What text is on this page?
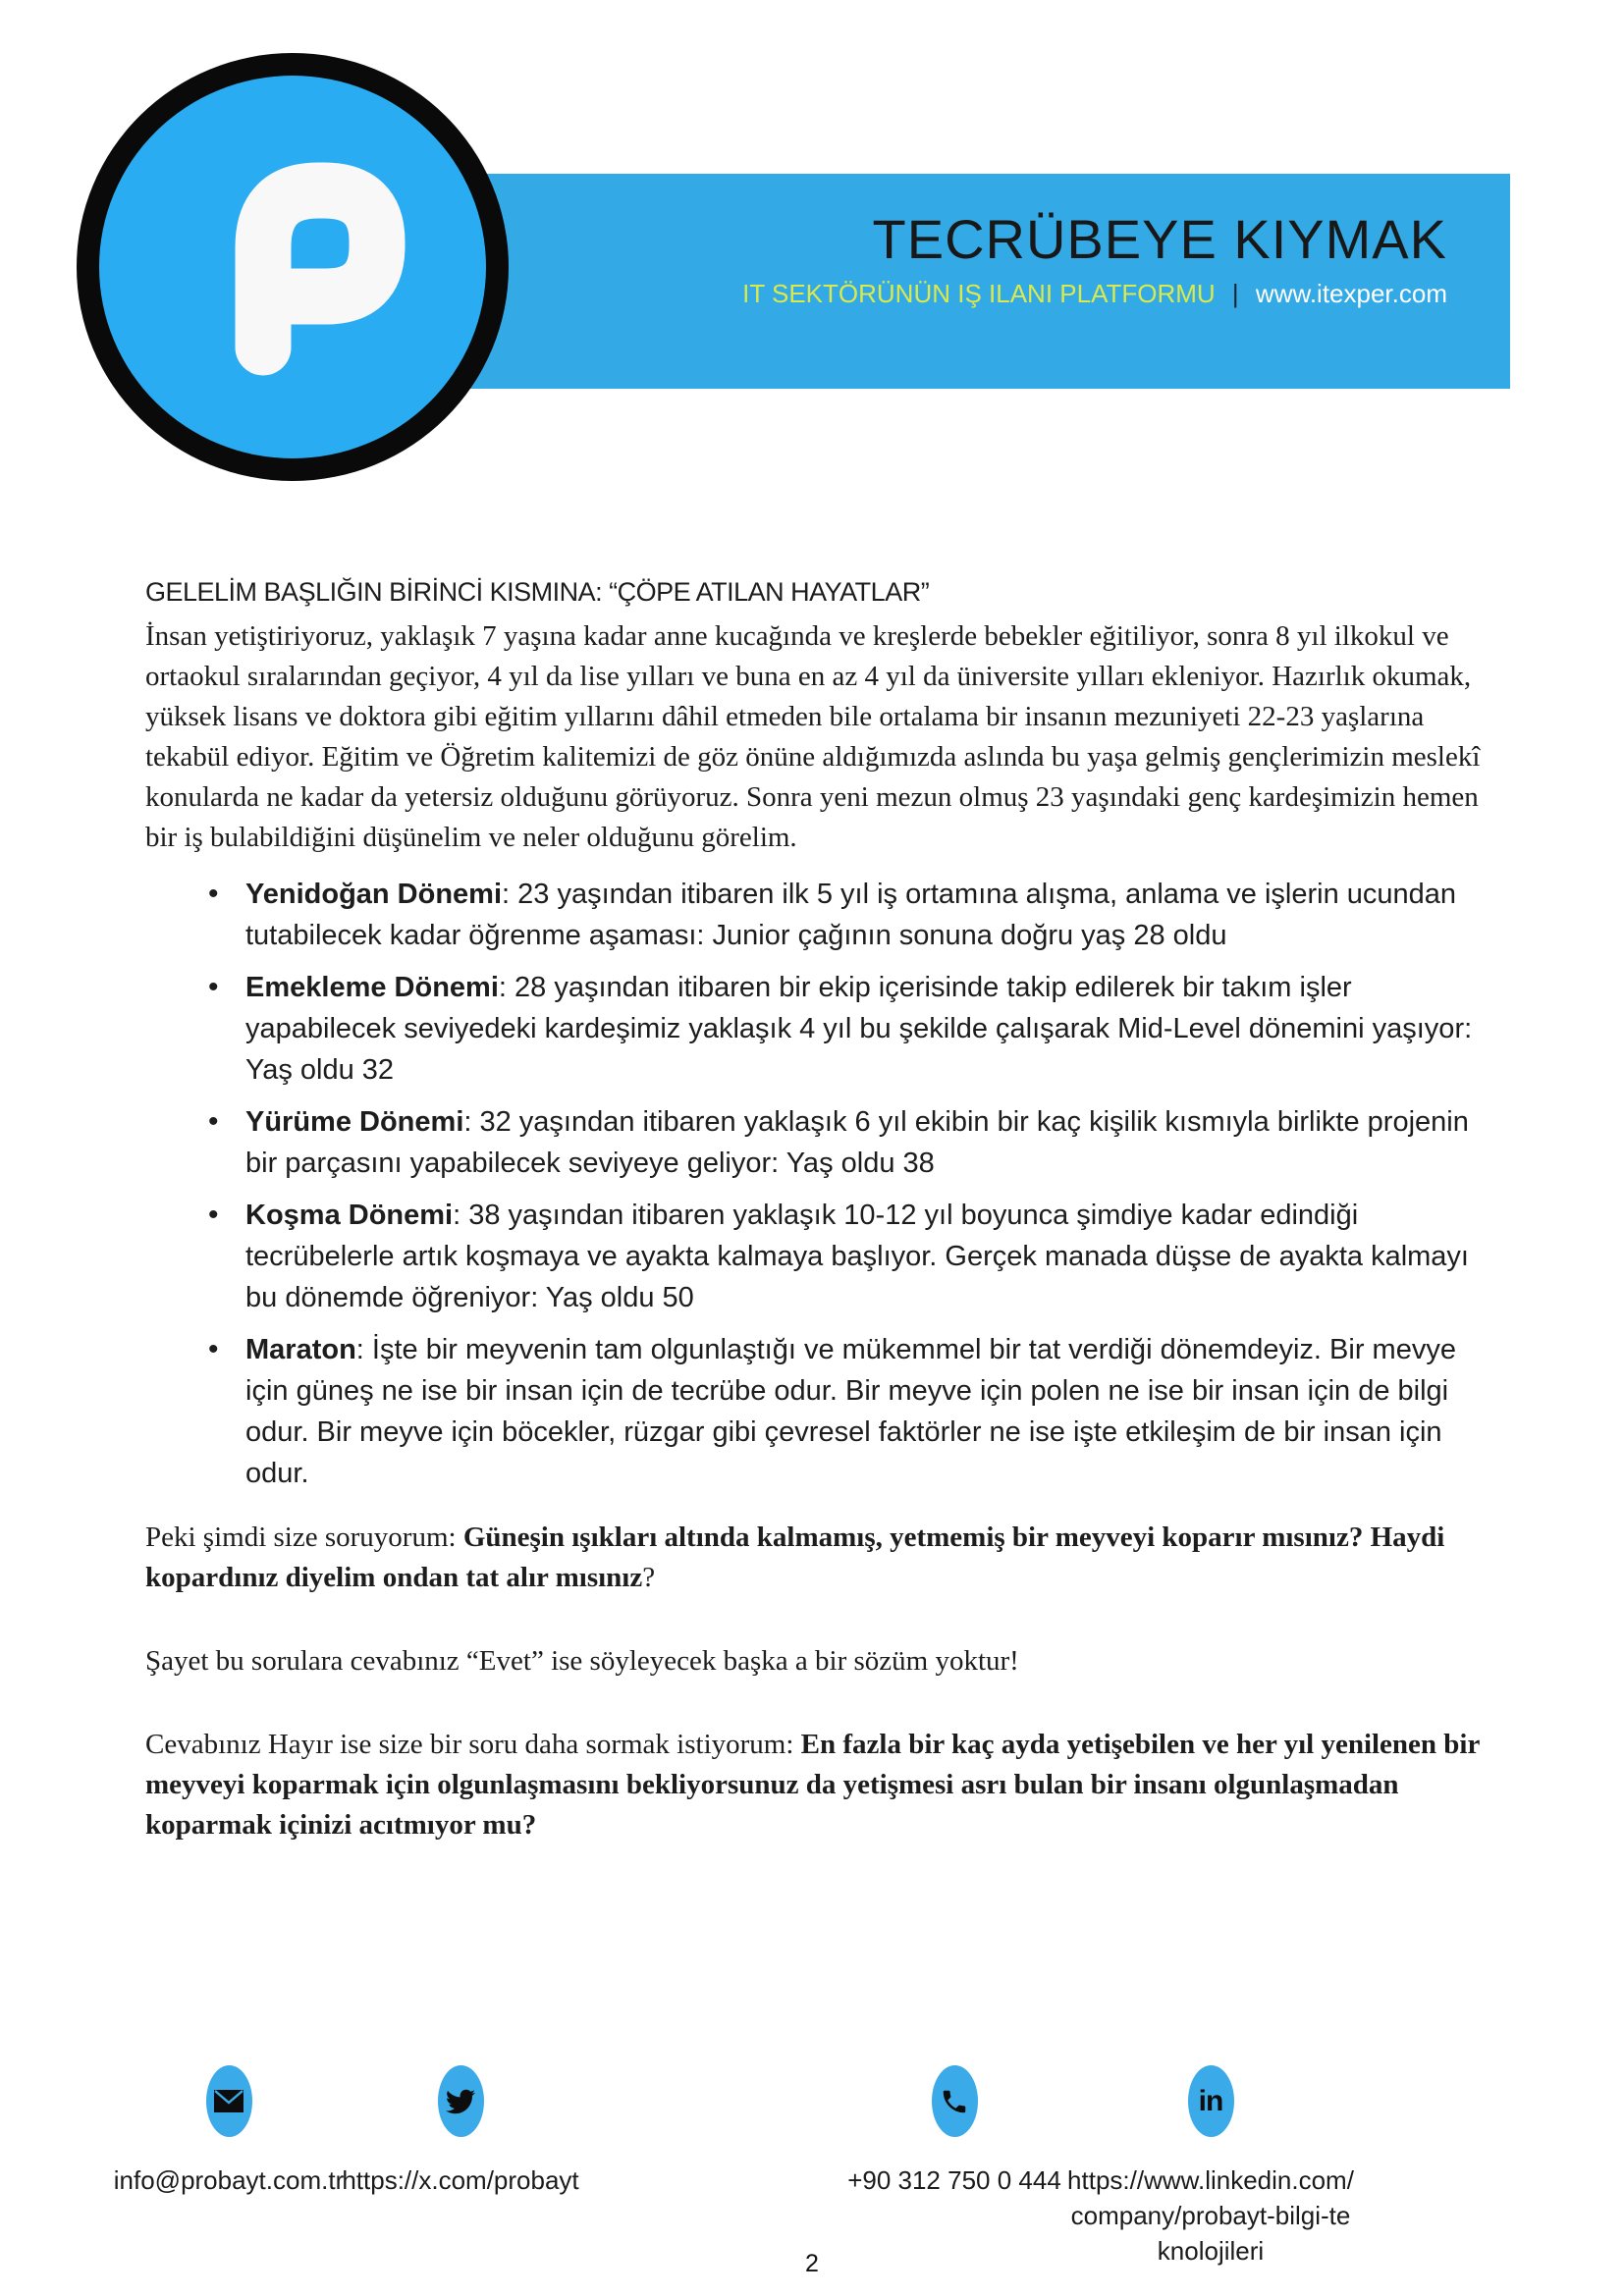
TECRÜBEYE KIYMAK
IT SEKTÖRÜNÜN IŞ ILANI PLATFORMU | www.itexper.com

GELELİM BAŞLIĞIN BİRİNCİ KISMINA: “ÇÖPE ATILAN HAYATLAR”

İnsan yetiştiriyoruz, yaklaşık 7 yaşına kadar anne kucağında ve kreşlerde bebekler eğitiliyor, sonra 8 yıl ilkokul ve ortaokul sıralarından geçiyor, 4 yıl da lise yılları ve buna en az 4 yıl da üniversite yılları ekleniyor. Hazırlık okumak, yüksek lisans ve doktora gibi eğitim yıllarını dâhil etmeden bile ortalama bir insanın mezuniyeti 22-23 yaşlarına tekabül ediyor. Eğitim ve Öğretim kalitemizi de göz önüne aldığımızda aslında bu yaşa gelmiş gençlerimizin meslekî konularda ne kadar da yetersiz olduğunu görüyoruz. Sonra yeni mezun olmuş 23 yaşındaki genç kardeşimizin hemen bir iş bulabildiğini düşünelim ve neler olduğunu görelim.

• Yenidoğan Dönemi: 23 yaşından itibaren ilk 5 yıl iş ortamına alışma, anlama ve işlerin ucundan tutabilecek kadar öğrenme aşaması: Junior çağının sonuna doğru yaş 28 oldu
• Emekleme Dönemi: 28 yaşından itibaren bir ekip içerisinde takip edilerek bir takım işler yapabilecek seviyedeki kardeşimiz yaklaşık 4 yıl bu şekilde çalışarak Mid-Level dönemini yaşıyor: Yaş oldu 32
• Yürüme Dönemi: 32 yaşından itibaren yaklaşık 6 yıl ekibin bir kaç kişilik kısmıyla birlikte projenin bir parçasını yapabilecek seviyeye geliyor: Yaş oldu 38
• Koşma Dönemi: 38 yaşından itibaren yaklaşık 10-12 yıl boyunca şimdiye kadar edindiği tecrübelerle artık koşmaya ve ayakta kalmaya başlıyor. Gerçek manada düşse de ayakta kalmayı bu dönemde öğreniyor: Yaş oldu 50
• Maraton: İşte bir meyvenin tam olgunlaştığı ve mükemmel bir tat verdiği dönemdeyiz. Bir mevye için güneş ne ise bir insan için de tecrübe odur. Bir meyve için polen ne ise bir insan için de bilgi odur. Bir meyve için böcekler, rüzgar gibi çevresel faktörler ne ise işte etkileşim de bir insan için odur.

Peki şimdi size soruyorum: Güneşin ışıkları altında kalmamış, yetmemiş bir meyveyi koparır mısınız? Haydi kopardınız diyelim ondan tat alır mısınız?

Şayet bu sorulara cevabınız “Evet” ise söyleyecek başka a bir sözüm yoktur!

Cevabınız Hayır ise size bir soru daha sormak istiyorum: En fazla bir kaç ayda yetişebilen ve her yıl yenilenen bir meyveyi koparmak için olgunlaşmasını bekliyorsunuz da yetişmesi asrı bulan bir insanı olgunlaşmadan koparmak içinizi acıtmıyor mu?

info@probayt.com.tr
https://x.com/probayt	+90 312 750 0 444
in
https://www.linkedin.com/company/probayt-bilgi-teknolojileri
2
